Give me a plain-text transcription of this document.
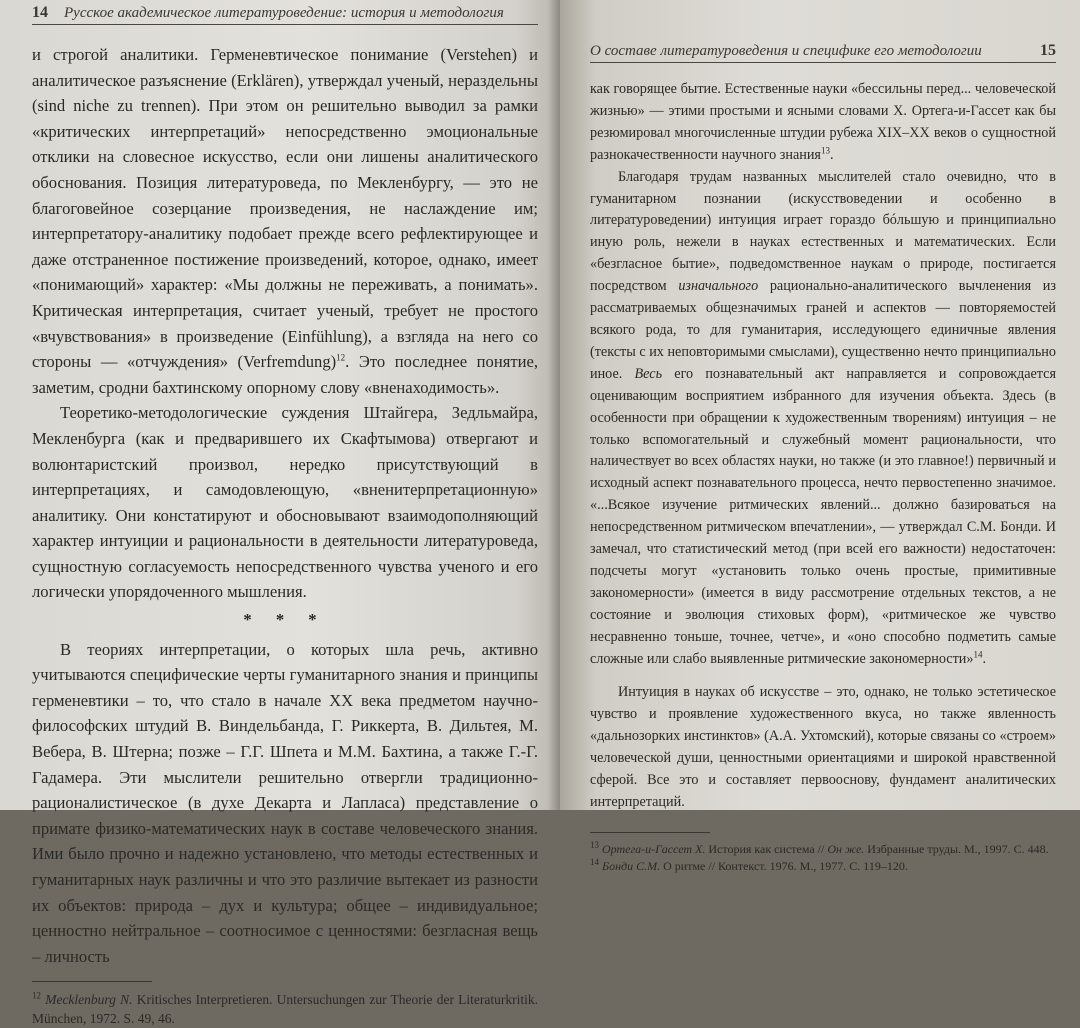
14 Русское академическое литературоведение: история и методология

и строгой аналитики. Герменевтическое понимание (Verstehen) и аналитическое разъяснение (Erklären), утверждал ученый, нераздельны (sind niche zu trennen). При этом он решительно выводил за рамки «критических интерпретаций» непосредственно эмоциональные отклики на словесное искусство, если они лишены аналитического обоснования. Позиция литературоведа, по Мекленбургу, — это не благоговейное созерцание произведения, не наслаждение им; интерпретатору-аналитику подобает прежде всего рефлектирующее и даже отстраненное постижение произведений, которое, однако, имеет «понимающий» характер: «Мы должны не переживать, а понимать». Критическая интерпретация, считает ученый, требует не простого «вчувствования» в произведение (Einfühlung), а взгляда на него со стороны — «отчуждения» (Verfremdung)$^{12}$. Это последнее понятие, заметим, сродни бахтинскому опорному слову «вненаходимость».

Теоретико-методологические суждения Штайгера, Зедльмайра, Мекленбурга (как и предварившего их Скафтымова) отвергают и волюнтаристский произвол, нередко присутствующий в интерпретациях, и самодовлеющую, «вненитерпретационную» аналитику. Они констатируют и обосновывают взаимодополняющий характер интуиции и рациональности в деятельности литературоведа, сущностную согласуемость непосредственного чувства ученого и его логически упорядоченного мышления.

* * *

В теориях интерпретации, о которых шла речь, активно учитываются специфические черты гуманитарного знания и принципы герменевтики – то, что стало в начале XX века предметом научно-философских штудий В. Виндельбанда, Г. Риккерта, В. Дильтея, М. Вебера, В. Штерна; позже – Г.Г. Шпета и М.М. Бахтина, а также Г.-Г. Гадамера. Эти мыслители решительно отвергли традиционно-рационалистическое (в духе Декарта и Лапласа) представление о примате физико-математических наук в составе человеческого знания. Ими было прочно и надежно установлено, что методы естественных и гуманитарных наук различны и что это различие вытекает из разности их объектов: природа – дух и культура; общее – индивидуальное; ценностно нейтральное – соотносимое с ценностями: безгласная вещь – личность

$^{12}$ Mecklenburg N. Kritisches Interpretieren. Untersuchungen zur Theorie der Literaturkritik. München, 1972. S. 49, 46.
О составе литературоведения и специфике его методологии	15

как говорящее бытие. Естественные науки «бессильны перед... человеческой жизнью» — этими простыми и ясными словами Х. Ортега-и-Гассет как бы резюмировал многочисленные штудии рубежа XIX–XX веков о сущностной разнокачественности научного знания$^{13}$.

Благодаря трудам названных мыслителей стало очевидно, что в гуманитарном познании (искусствоведении и особенно в литературоведении) интуиция играет гораздо бóльшую и принципиально иную роль, нежели в науках естественных и математических. Если «безгласное бытие», подведомственное наукам о природе, постигается посредством изначального рационально-аналитического вычленения из рассматриваемых общезначимых граней и аспектов — повторяемостей всякого рода, то для гуманитария, исследующего единичные явления (тексты с их неповторимыми смыслами), существенно нечто принципиально иное. Весь его познавательный акт направляется и сопровождается оценивающим восприятием избранного для изучения объекта. Здесь (в особенности при обращении к художественным творениям) интуиция – не только вспомогательный и служебный момент рациональности, что наличествует во всех областях науки, но также (и это главное!) первичный и исходный аспект познавательного процесса, нечто первостепенно значимое. «...Всякое изучение ритмических явлений... должно базироваться на непосредственном ритмическом впечатлении», — утверждал С.М. Бонди. И замечал, что статистический метод (при всей его важности) недостаточен: подсчеты могут «установить только очень простые, примитивные закономерности» (имеется в виду рассмотрение отдельных текстов, а не состояние и эволюция стиховых форм), «ритмическое же чувство несравненно тоньше, точнее, четче», и «оно способно подметить самые сложные или слабо выявленные ритмические закономерности»$^{14}$.

Интуиция в науках об искусстве – это, однако, не только эстетическое чувство и проявление художественного вкуса, но также явленность «дальнозорких инстинктов» (А.А. Ухтомский), которые связаны со «строем» человеческой души, ценностными ориентациями и широкой нравственной сферой. Все это и составляет первооснову, фундамент аналитических интерпретаций.

$^{13}$ Ортега-и-Гассет Х. История как система // Он же. Избранные труды. М., 1997. С. 448.
$^{14}$ Бонди С.М. О ритме // Контекст. 1976. М., 1977. С. 119–120.
